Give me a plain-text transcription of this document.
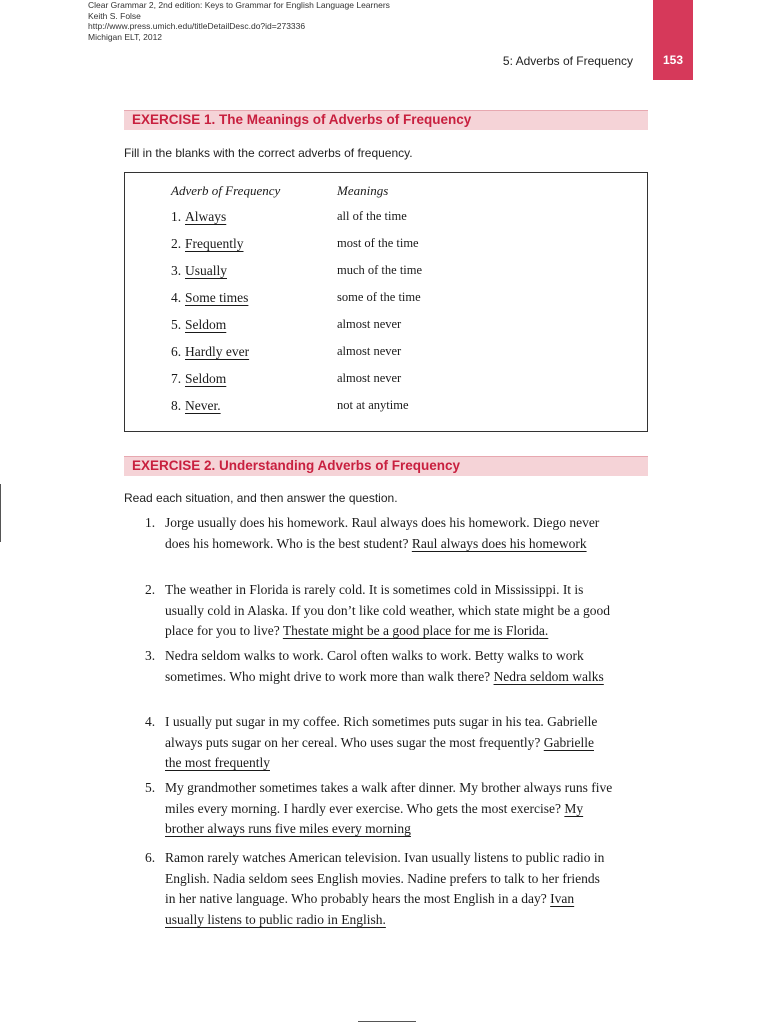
Clear Grammar 2, 2nd edition: Keys to Grammar for English Language Learners
Keith S. Folse
http://www.press.umich.edu/titleDetailDesc.do?id=273336
Michigan ELT, 2012
153
5: Adverbs of Frequency
EXERCISE 1. The Meanings of Adverbs of Frequency
Fill in the blanks with the correct adverbs of frequency.
Adverb of Frequency	Meanings
1. Always	all of the time
2. Frequently	most of the time
3. Usually	much of the time
4. Some times	some of the time
5. Seldom	almost never
6. Hardly ever	almost never
7. Seldom	almost never
8. Never.	not at anytime
EXERCISE 2. Understanding Adverbs of Frequency
Read each situation, and then answer the question.
1. Jorge usually does his homework. Raul always does his homework. Diego never does his homework. Who is the best student? Raul always does his homework
2. The weather in Florida is rarely cold. It is sometimes cold in Mississippi. It is usually cold in Alaska. If you don’t like cold weather, which state might be a good place for you to live? Thestate might be a good place for me is Florida.
3. Nedra seldom walks to work. Carol often walks to work. Betty walks to work sometimes. Who might drive to work more than walk there? Nedra seldom walks
4. I usually put sugar in my coffee. Rich sometimes puts sugar in his tea. Gabrielle always puts sugar on her cereal. Who uses sugar the most frequently? Gabrielle the most frequently
5. My grandmother sometimes takes a walk after dinner. My brother always runs five miles every morning. I hardly ever exercise. Who gets the most exercise? My brother always runs five miles every morning
6. Ramon rarely watches American television. Ivan usually listens to public radio in English. Nadia seldom sees English movies. Nadine prefers to talk to her friends in her native language. Who probably hears the most English in a day? Ivan usually listens to public radio in English.
